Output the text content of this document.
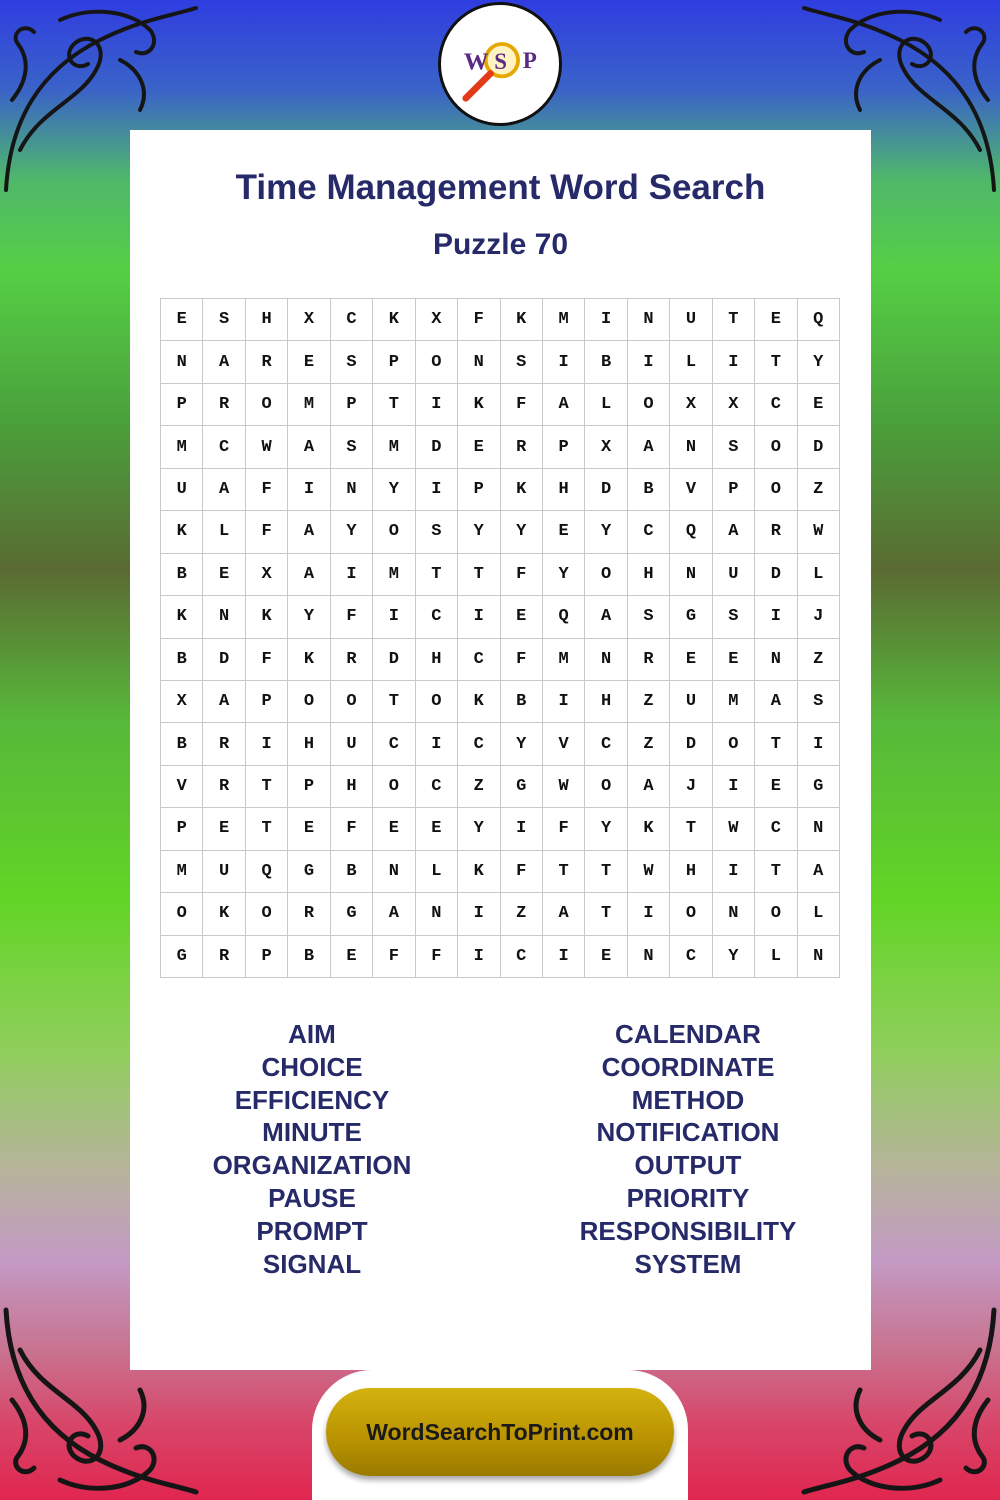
W S P
Time Management Word Search
Puzzle 70
E	S	H	X	C	K	X	F	K	M	I	N	U	T	E	Q
N	A	R	E	S	P	O	N	S	I	B	I	L	I	T	Y
P	R	O	M	P	T	I	K	F	A	L	O	X	X	C	E
M	C	W	A	S	M	D	E	R	P	X	A	N	S	O	D
U	A	F	I	N	Y	I	P	K	H	D	B	V	P	O	Z
K	L	F	A	Y	O	S	Y	Y	E	Y	C	Q	A	R	W
B	E	X	A	I	M	T	T	F	Y	O	H	N	U	D	L
K	N	K	Y	F	I	C	I	E	Q	A	S	G	S	I	J
B	D	F	K	R	D	H	C	F	M	N	R	E	E	N	Z
X	A	P	O	O	T	O	K	B	I	H	Z	U	M	A	S
B	R	I	H	U	C	I	C	Y	V	C	Z	D	O	T	I
V	R	T	P	H	O	C	Z	G	W	O	A	J	I	E	G
P	E	T	E	F	E	E	Y	I	F	Y	K	T	W	C	N
M	U	Q	G	B	N	L	K	F	T	T	W	H	I	T	A
O	K	O	R	G	A	N	I	Z	A	T	I	O	N	O	L
G	R	P	B	E	F	F	I	C	I	E	N	C	Y	L	N
AIM
CHOICE
EFFICIENCY
MINUTE
ORGANIZATION
PAUSE
PROMPT
SIGNAL
CALENDAR
COORDINATE
METHOD
NOTIFICATION
OUTPUT
PRIORITY
RESPONSIBILITY
SYSTEM
WordSearchToPrint.com
